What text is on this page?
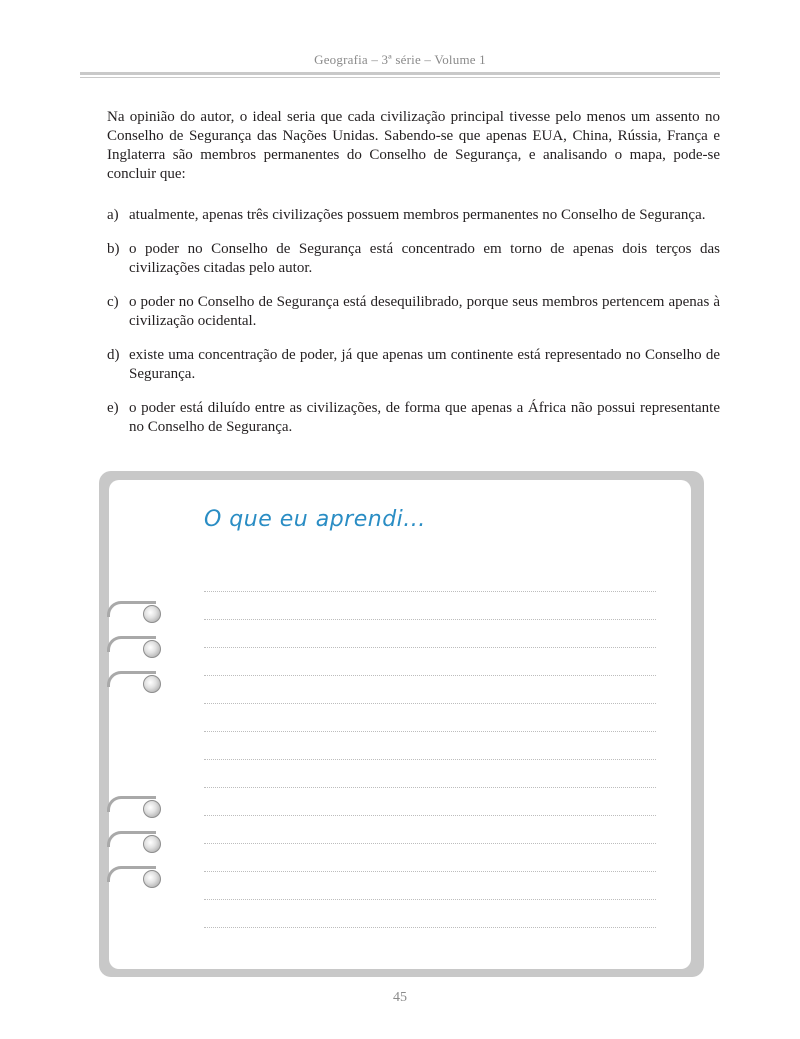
Geografia – 3ª série – Volume 1
Na opinião do autor, o ideal seria que cada civilização principal tivesse pelo menos um assento no Conselho de Segurança das Nações Unidas. Sabendo-se que apenas EUA, China, Rússia, França e Inglaterra são membros permanentes do Conselho de Segurança, e analisando o mapa, pode-se concluir que:
a) atualmente, apenas três civilizações possuem membros permanentes no Conselho de Segurança.
b) o poder no Conselho de Segurança está concentrado em torno de apenas dois terços das civilizações citadas pelo autor.
c) o poder no Conselho de Segurança está desequilibrado, porque seus membros pertencem apenas à civilização ocidental.
d) existe uma concentração de poder, já que apenas um continente está representado no Conselho de Segurança.
e) o poder está diluído entre as civilizações, de forma que apenas a África não possui representante no Conselho de Segurança.
O que eu aprendi...
45
